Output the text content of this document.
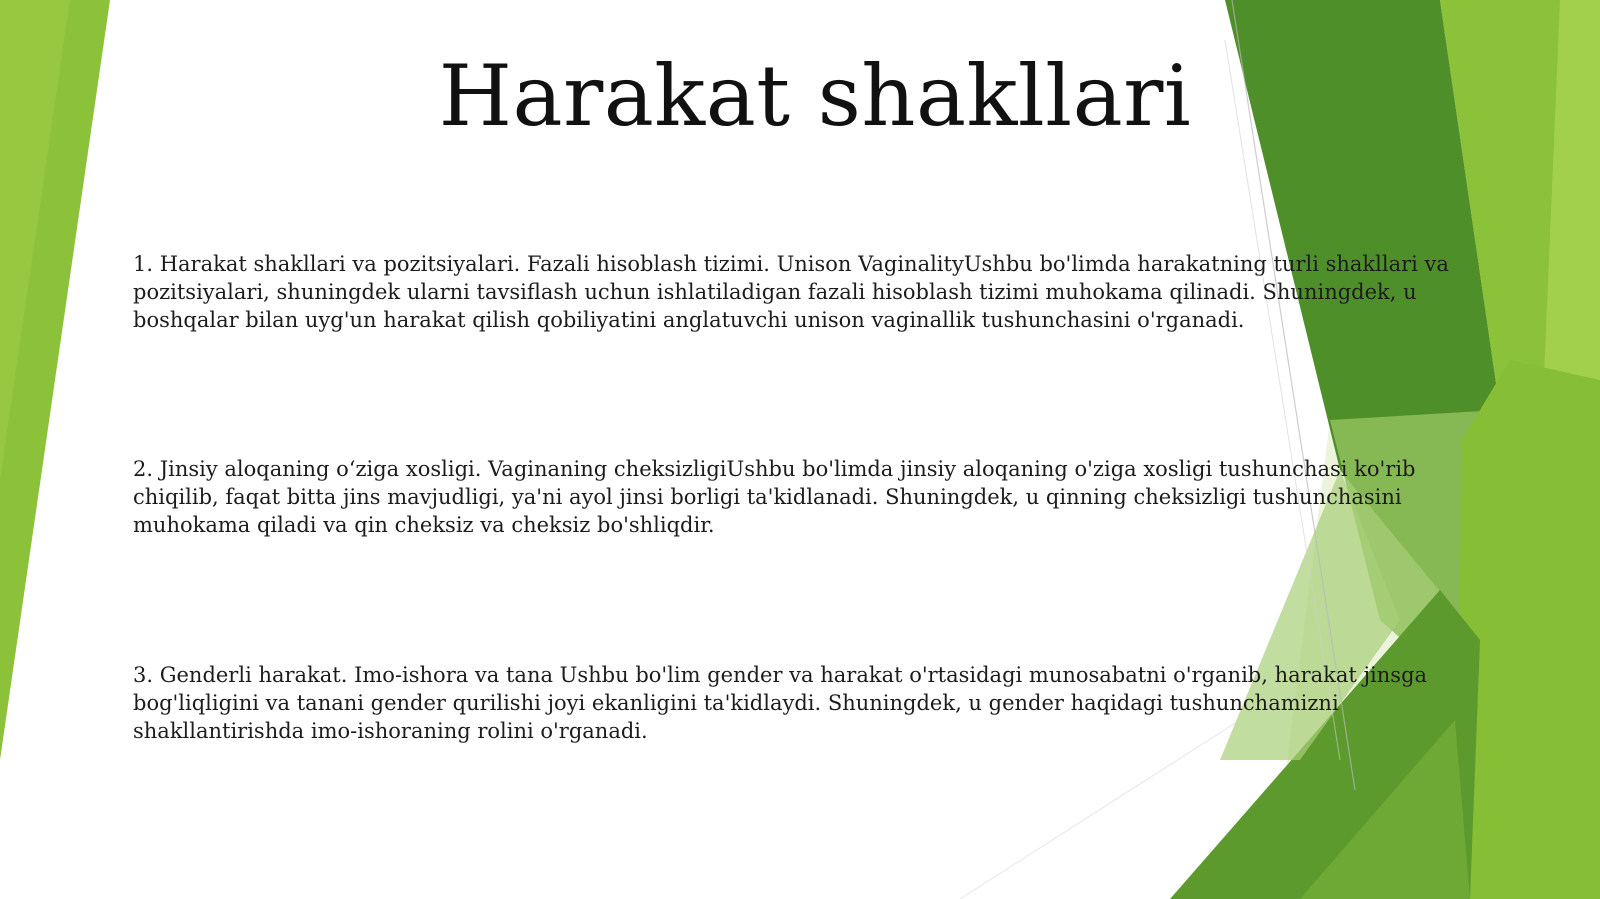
Harakat shakllari

1. Harakat shakllari va pozitsiyalari. Fazali hisoblash tizimi. Unison VaginalityUshbu bo'limda harakatning turli shakllari va pozitsiyalari, shuningdek ularni tavsiflash uchun ishlatiladigan fazali hisoblash tizimi muhokama qilinadi. Shuningdek, u boshqalar bilan uyg'un harakat qilish qobiliyatini anglatuvchi unison vaginallik tushunchasini o'rganadi.

2. Jinsiy aloqaning o‘ziga xosligi. Vaginaning cheksizligiUshbu bo'limda jinsiy aloqaning o'ziga xosligi tushunchasi ko'rib chiqilib, faqat bitta jins mavjudligi, ya'ni ayol jinsi borligi ta'kidlanadi. Shuningdek, u qinning cheksizligi tushunchasini muhokama qiladi va qin cheksiz va cheksiz bo'shliqdir.

3. Genderli harakat. Imo-ishora va tana Ushbu bo'lim gender va harakat o'rtasidagi munosabatni o'rganib, harakat jinsga bog'liqligini va tanani gender qurilishi joyi ekanligini ta'kidlaydi. Shuningdek, u gender haqidagi tushunchamizni shakllantirishda imo-ishoraning rolini o'rganadi.
